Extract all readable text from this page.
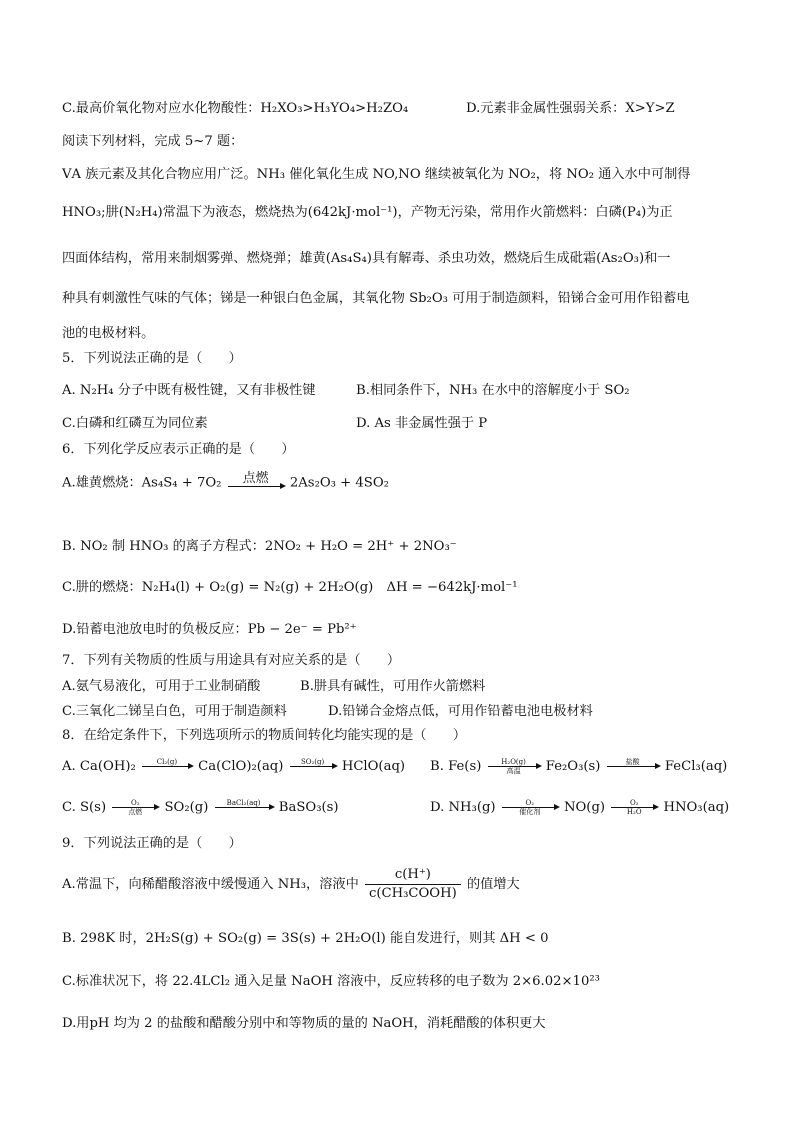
C.最高价氧化物对应水化物酸性：H₂XO₃>H₃YO₄>H₂ZO₄	D.元素非金属性强弱关系：X>Y>Z
阅读下列材料，完成 5~7 题：
ⅤA 族元素及其化合物应用广泛。NH₃ 催化氧化生成 NO,NO 继续被氧化为 NO₂，将 NO₂ 通入水中可制得
HNO₃;肼(N₂H₄)常温下为液态，燃烧热为(642kJ·mol⁻¹)，产物无污染，常用作火箭燃料：白磷(P₄)为正
四面体结构，常用来制烟雾弹、燃烧弹；雄黄(As₄S₄)具有解毒、杀虫功效，燃烧后生成砒霜(As₂O₃)和一
种具有刺激性气味的气体；锑是一种银白色金属，其氧化物 Sb₂O₃ 可用于制造颜料，铅锑合金可用作铅蓄电
池的电极材料。
5．下列说法正确的是（　　）
A. N₂H₄ 分子中既有极性键，又有非极性键	B.相同条件下，NH₃ 在水中的溶解度小于 SO₂
C.白磷和红磷互为同位素	D. As 非金属性强于 P
6．下列化学反应表示正确的是（　　）
A.雄黄燃烧：As₄S₄ + 7O₂	点燃
	2As₂O₃ + 4SO₂
B. NO₂ 制 HNO₃ 的离子方程式：2NO₂ + H₂O = 2H⁺ + 2NO₃⁻
C.肼的燃烧：N₂H₄(l) + O₂(g) = N₂(g) + 2H₂O(g)　ΔH = −642kJ·mol⁻¹
D.铅蓄电池放电时的负极反应：Pb − 2e⁻ = Pb²⁺
7．下列有关物质的性质与用途具有对应关系的是（　　）
A.氨气易液化，可用于工业制硝酸	B.肼具有碱性，可用作火箭燃料
C.三氧化二锑呈白色，可用于制造颜料	D.铅锑合金熔点低，可用作铅蓄电池电极材料
8．在给定条件下，下列选项所示的物质间转化均能实现的是（　　）
A. Ca(OH)₂	Cl₂(g)
	Ca(ClO)₂(aq)	SO₂(g)
	HClO(aq) B. Fe(s)	H₂O(g)
高温	Fe₂O₃(s)	盐酸
	FeCl₃(aq)
C. S(s)	O₂
点燃	SO₂(g)	BaCl₂(aq)
	BaSO₃(s)	D. NH₃(g)	O₂
催化剂	$NO(g) \frac{\text{O₂}}{\text{H₂O}} HNO_3(aq)$
9．下列说法正确的是（　　）
A.常温下，向稀醋酸溶液中缓慢通入 NH₃，溶液中 $\frac{c(H^+)}{\text{c(CH₃COOH)}}$ 的值增大
B. 298K 时，2H₂S(g) + SO₂(g) = 3S(s) + 2H₂O(l) 能自发进行，则其 ΔH < 0
C.标准状况下，将 22.4LCl₂ 通入足量 NaOH 溶液中，反应转移的电子数为 2×6.02×10²³
D.用pH 均为 2 的盐酸和醋酸分别中和等物质的量的 NaOH，消耗醋酸的体积更大
